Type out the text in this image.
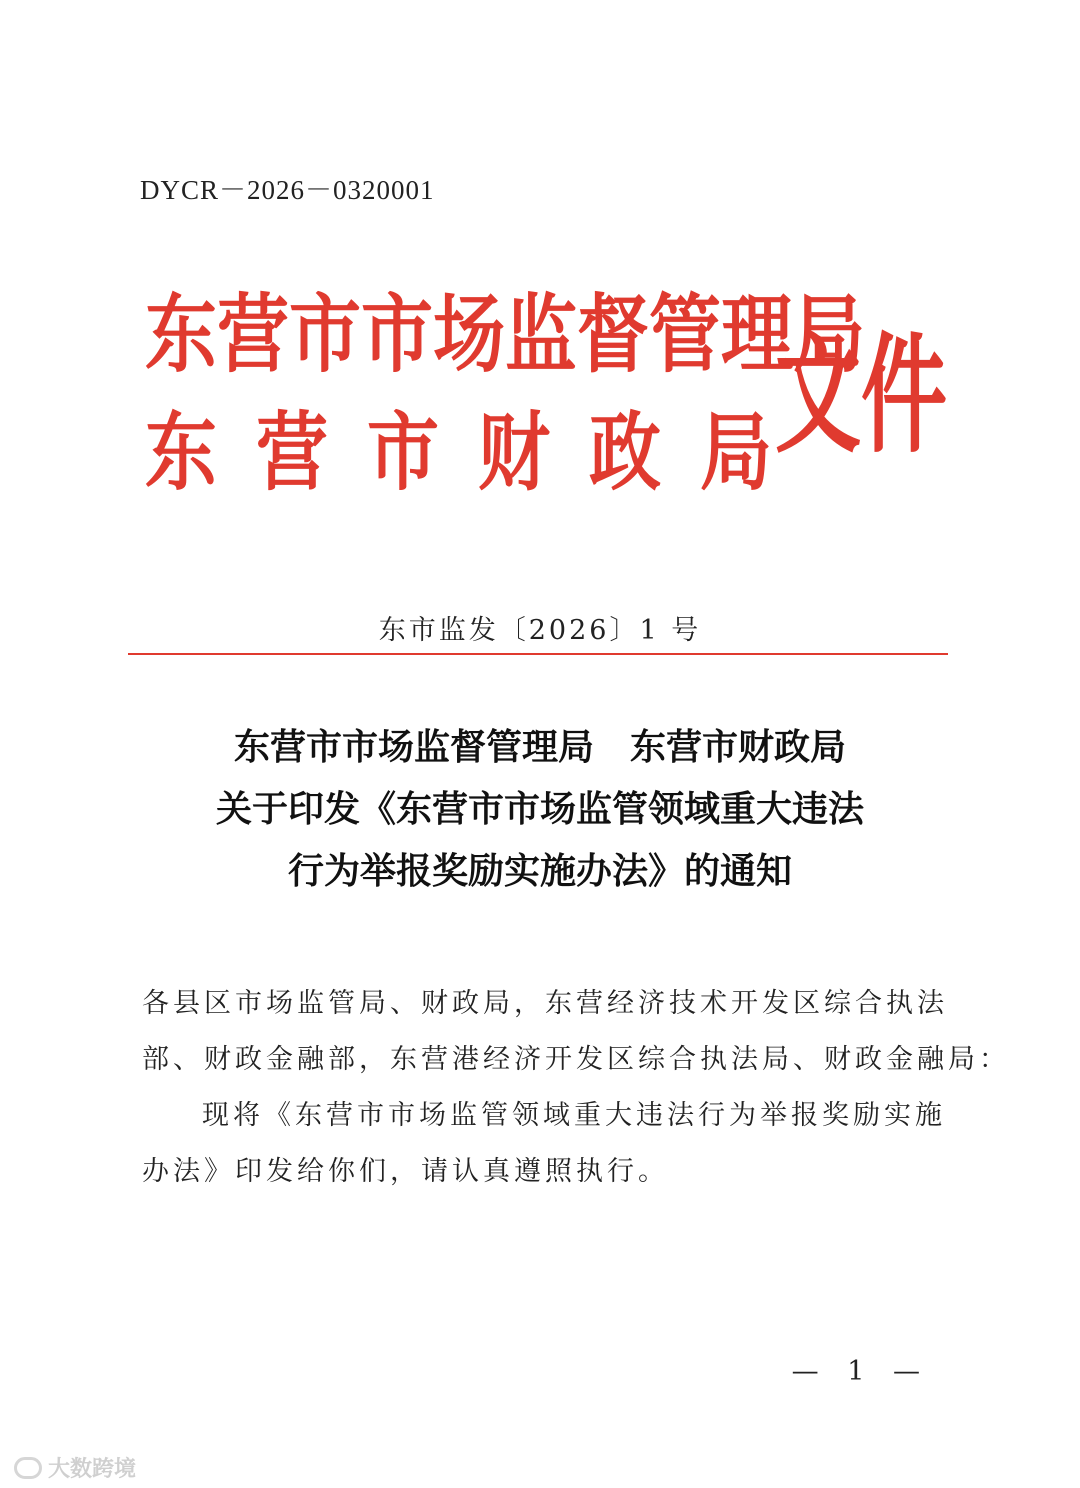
DYCR－2026－0320001
东营市市场监督管理局
东营市财政局
文件
东市监发〔2026〕1 号
东营市市场监督管理局　东营市财政局
关于印发《东营市市场监管领域重大违法
行为举报奖励实施办法》的通知

各县区市场监管局、财政局，东营经济技术开发区综合执法

部、财政金融部，东营港经济开发区综合执法局、财政金融局：

现将《东营市市场监管领域重大违法行为举报奖励实施

办法》印发给你们，请认真遵照执行。

— 1 —
大数跨境
